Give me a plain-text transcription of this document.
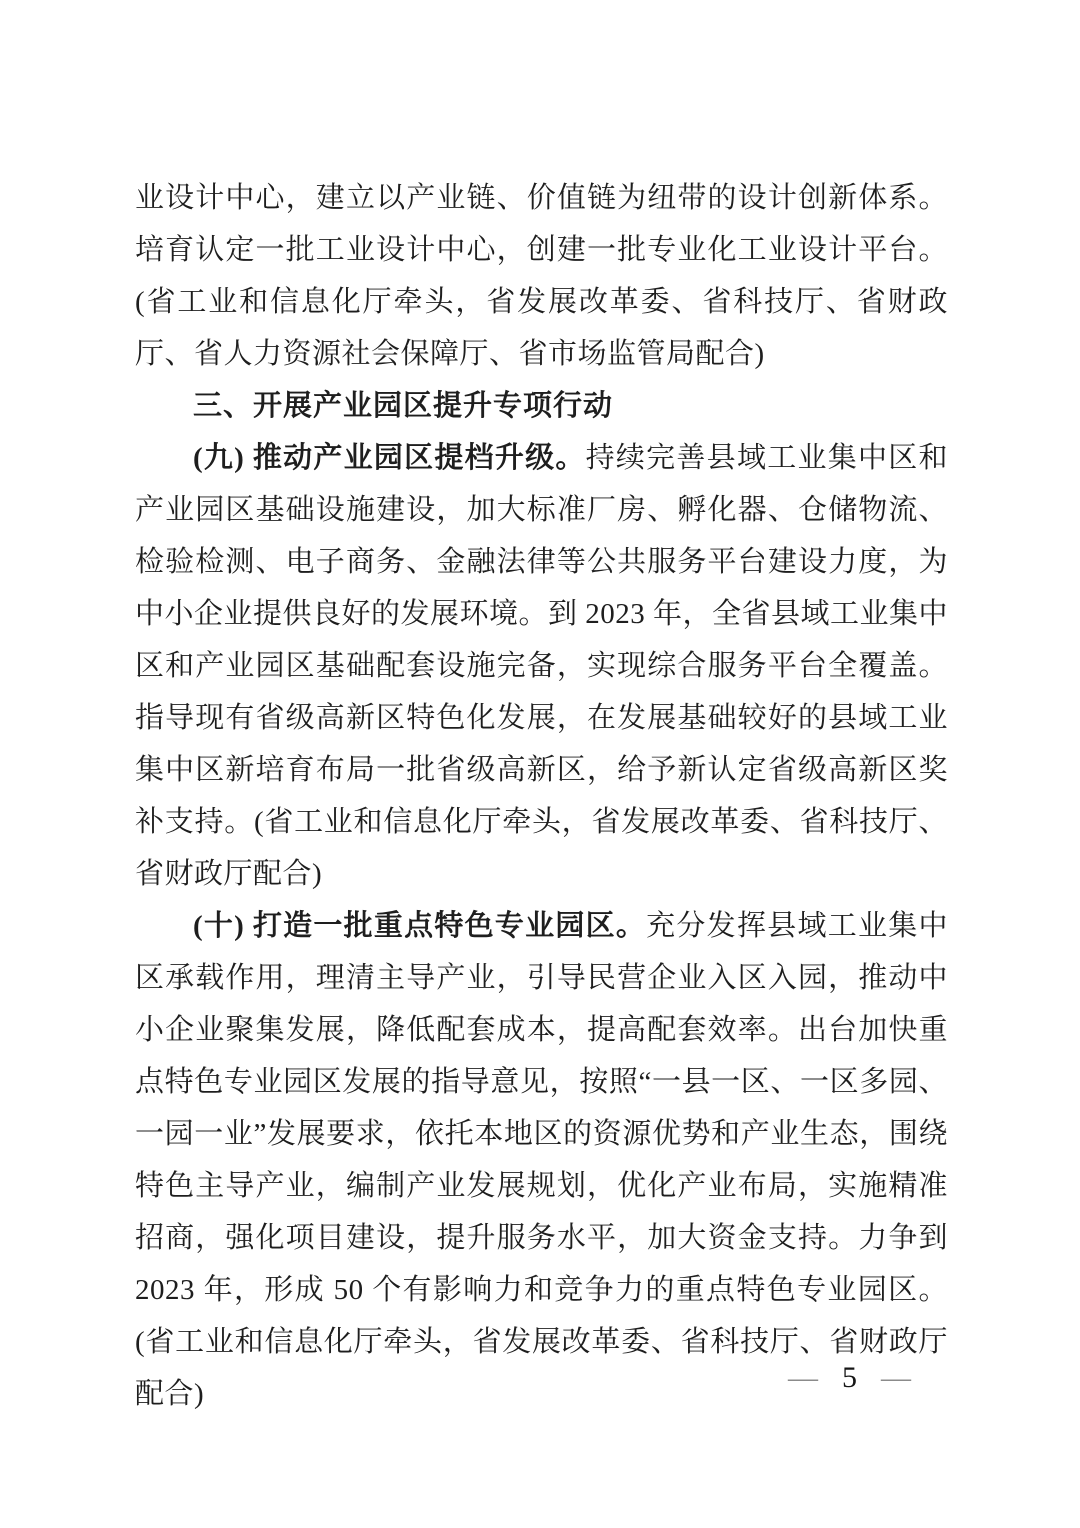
业设计中心，建立以产业链、价值链为纽带的设计创新体系。培育认定一批工业设计中心，创建一批专业化工业设计平台。(省工业和信息化厅牵头，省发展改革委、省科技厅、省财政厅、省人力资源社会保障厅、省市场监管局配合)

三、开展产业园区提升专项行动

(九) 推动产业园区提档升级。持续完善县域工业集中区和产业园区基础设施建设，加大标准厂房、孵化器、仓储物流、检验检测、电子商务、金融法律等公共服务平台建设力度，为中小企业提供良好的发展环境。到 2023 年，全省县域工业集中区和产业园区基础配套设施完备，实现综合服务平台全覆盖。指导现有省级高新区特色化发展，在发展基础较好的县域工业集中区新培育布局一批省级高新区，给予新认定省级高新区奖补支持。(省工业和信息化厅牵头，省发展改革委、省科技厅、省财政厅配合)

(十) 打造一批重点特色专业园区。充分发挥县域工业集中区承载作用，理清主导产业，引导民营企业入区入园，推动中小企业聚集发展，降低配套成本，提高配套效率。出台加快重点特色专业园区发展的指导意见，按照“一县一区、一区多园、一园一业”发展要求，依托本地区的资源优势和产业生态，围绕特色主导产业，编制产业发展规划，优化产业布局，实施精准招商，强化项目建设，提升服务水平，加大资金支持。力争到 2023 年，形成 50 个有影响力和竞争力的重点特色专业园区。(省工业和信息化厅牵头，省发展改革委、省科技厅、省财政厅配合)	— 5 —
